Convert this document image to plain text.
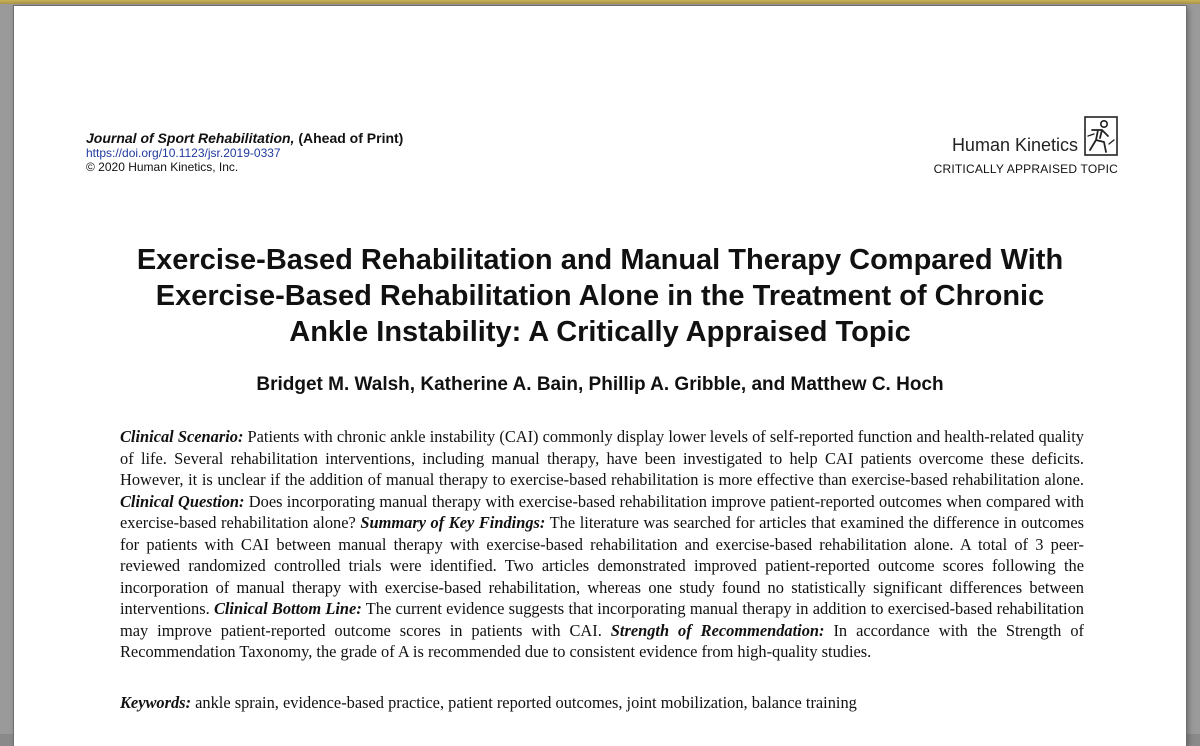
Journal of Sport Rehabilitation, (Ahead of Print)

https://doi.org/10.1123/jsr.2019-0337

© 2020 Human Kinetics, Inc.

Human Kinetics
CRITICALLY APPRAISED TOPIC

Exercise-Based Rehabilitation and Manual Therapy Compared With

Exercise-Based Rehabilitation Alone in the Treatment of Chronic

Ankle Instability: A Critically Appraised Topic

Bridget M. Walsh, Katherine A. Bain, Phillip A. Gribble, and Matthew C. Hoch

Clinical Scenario: Patients with chronic ankle instability (CAI) commonly display lower levels of self-reported function and health-related quality of life. Several rehabilitation interventions, including manual therapy, have been investigated to help CAI patients overcome these deficits. However, it is unclear if the addition of manual therapy to exercise-based rehabilitation is more effective than exercise-based rehabilitation alone. Clinical Question: Does incorporating manual therapy with exercise-based rehabilitation improve patient-reported outcomes when compared with exercise-based rehabilitation alone? Summary of Key Findings: The literature was searched for articles that examined the difference in outcomes for patients with CAI between manual therapy with exercise-based rehabilitation and exercise-based rehabilitation alone. A total of 3 peer-reviewed randomized controlled trials were identified. Two articles demonstrated improved patient-reported outcome scores following the incorporation of manual therapy with exercise-based rehabilitation, whereas one study found no statistically significant differences between interventions. Clinical Bottom Line: The current evidence suggests that incorporating manual therapy in addition to exercised-based rehabilitation may improve patient-reported outcome scores in patients with CAI. Strength of Recommendation: In accordance with the Strength of Recommendation Taxonomy, the grade of A is recommended due to consistent evidence from high-quality studies.

Keywords: ankle sprain, evidence-based practice, patient reported outcomes, joint mobilization, balance training
